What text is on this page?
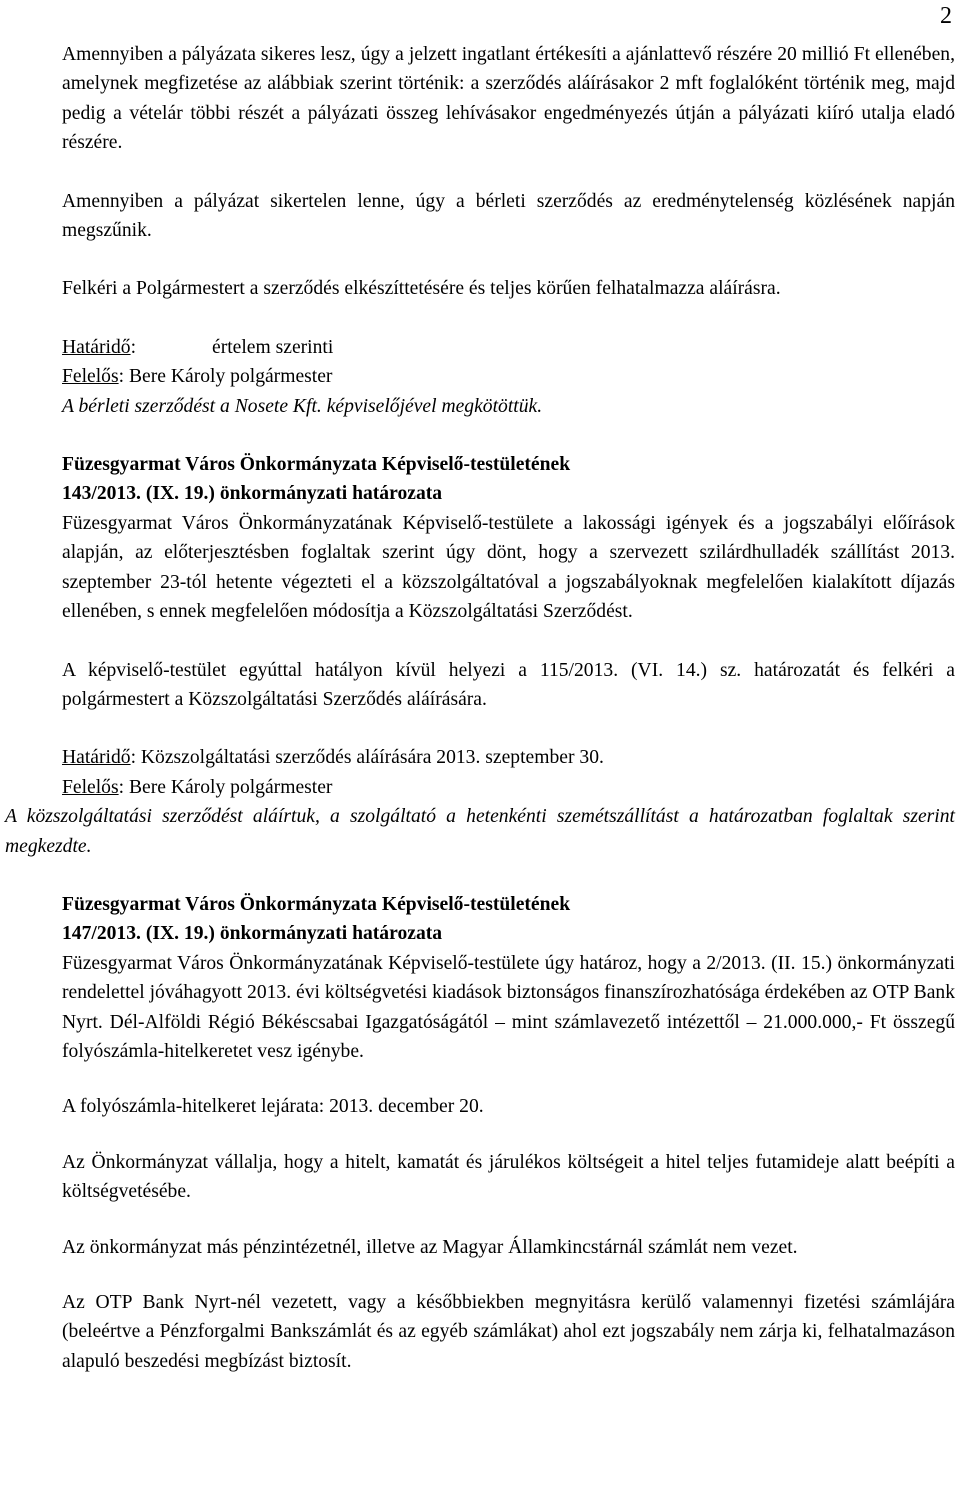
2

Amennyiben a pályázata sikeres lesz, úgy a jelzett ingatlant értékesíti a ajánlattevő részére 20 millió Ft ellenében, amelynek megfizetése az alábbiak szerint történik: a szerződés aláírásakor 2 mft foglalóként történik meg, majd pedig a vételár többi részét a pályázati összeg lehívásakor engedményezés útján a pályázati kiíró utalja eladó részére.

Amennyiben a pályázat sikertelen lenne, úgy a bérleti szerződés az eredménytelenség közlésének napján megszűnik.

Felkéri a Polgármestert a szerződés elkészíttetésére és teljes körűen felhatalmazza aláírásra.

Határidő:	értelem szerinti
Felelős: Bere Károly polgármester

A bérleti szerződést a Nosete Kft. képviselőjével megkötöttük.

Füzesgyarmat Város Önkormányzata Képviselő-testületének
143/2013. (IX. 19.) önkormányzati határozata

Füzesgyarmat Város Önkormányzatának Képviselő-testülete a lakossági igények és a jogszabályi előírások alapján, az előterjesztésben foglaltak szerint úgy dönt, hogy a szervezett szilárdhulladék szállítást 2013. szeptember 23-tól hetente végezteti el a közszolgáltatóval a jogszabályoknak megfelelően kialakított díjazás ellenében, s ennek megfelelően módosítja a Közszolgáltatási Szerződést.

A képviselő-testület egyúttal hatályon kívül helyezi a 115/2013. (VI. 14.) sz. határozatát és felkéri a polgármestert a Közszolgáltatási Szerződés aláírására.

Határidő: Közszolgáltatási szerződés aláírására 2013. szeptember 30.
Felelős: Bere Károly polgármester

A közszolgáltatási szerződést aláírtuk, a szolgáltató a hetenkénti szemétszállítást a határozatban foglaltak szerint megkezdte.

Füzesgyarmat Város Önkormányzata Képviselő-testületének
147/2013. (IX. 19.) önkormányzati határozata

Füzesgyarmat Város Önkormányzatának Képviselő-testülete úgy határoz, hogy a 2/2013. (II. 15.) önkormányzati rendelettel jóváhagyott 2013. évi költségvetési kiadások biztonságos finanszírozhatósága érdekében az OTP Bank Nyrt. Dél-Alföldi Régió Békéscsabai Igazgatóságától – mint számlavezető intézettől – 21.000.000,- Ft összegű folyószámla-hitelkeretet vesz igénybe.

A folyószámla-hitelkeret lejárata: 2013. december 20.

Az Önkormányzat vállalja, hogy a hitelt, kamatát és járulékos költségeit a hitel teljes futamideje alatt beépíti a költségvetésébe.

Az önkormányzat más pénzintézetnél, illetve az Magyar Államkincstárnál számlát nem vezet.

Az OTP Bank Nyrt-nél vezetett, vagy a későbbiekben megnyitásra kerülő valamennyi fizetési számlájára (beleértve a Pénzforgalmi Bankszámlát és az egyéb számlákat) ahol ezt jogszabály nem zárja ki, felhatalmazáson alapuló beszedési megbízást biztosít.
